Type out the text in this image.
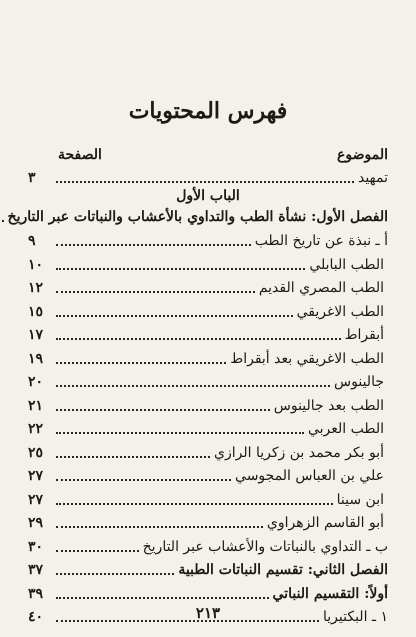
فهرس المحتويات
الموضوع
الصفحة
الباب الأول
تمهيد
٣
الفصل الأول: نشأة الطب والتداوي بالأعشاب والنباتات عبر التاريخ
أ ـ نبذة عن تاريخ الطب
٩
الطب البابلي
١٠
الطب المصري القديم
١٢
الطب الاغريقي
١٥
أبقراط
١٧
الطب الاغريقي بعد أبقراط
١٩
جالينوس
٢٠
الطب بعد جالينوس
٢١
الطب العربي
٢٢
أبو بكر محمد بن زكريا الرازي
٢٥
علي بن العباس المجوسي
٢٧
ابن سينا
٢٧
أبو القاسم الزهراوي
٢٩
ب ـ التداوي بالنباتات والأعشاب عبر التاريخ
٣٠
الفصل الثاني: تقسيم النباتات الطبية
٣٧
أولاً: التقسيم النباتي
٣٩
١ ـ البكتيريا
٤٠	٢١٣
